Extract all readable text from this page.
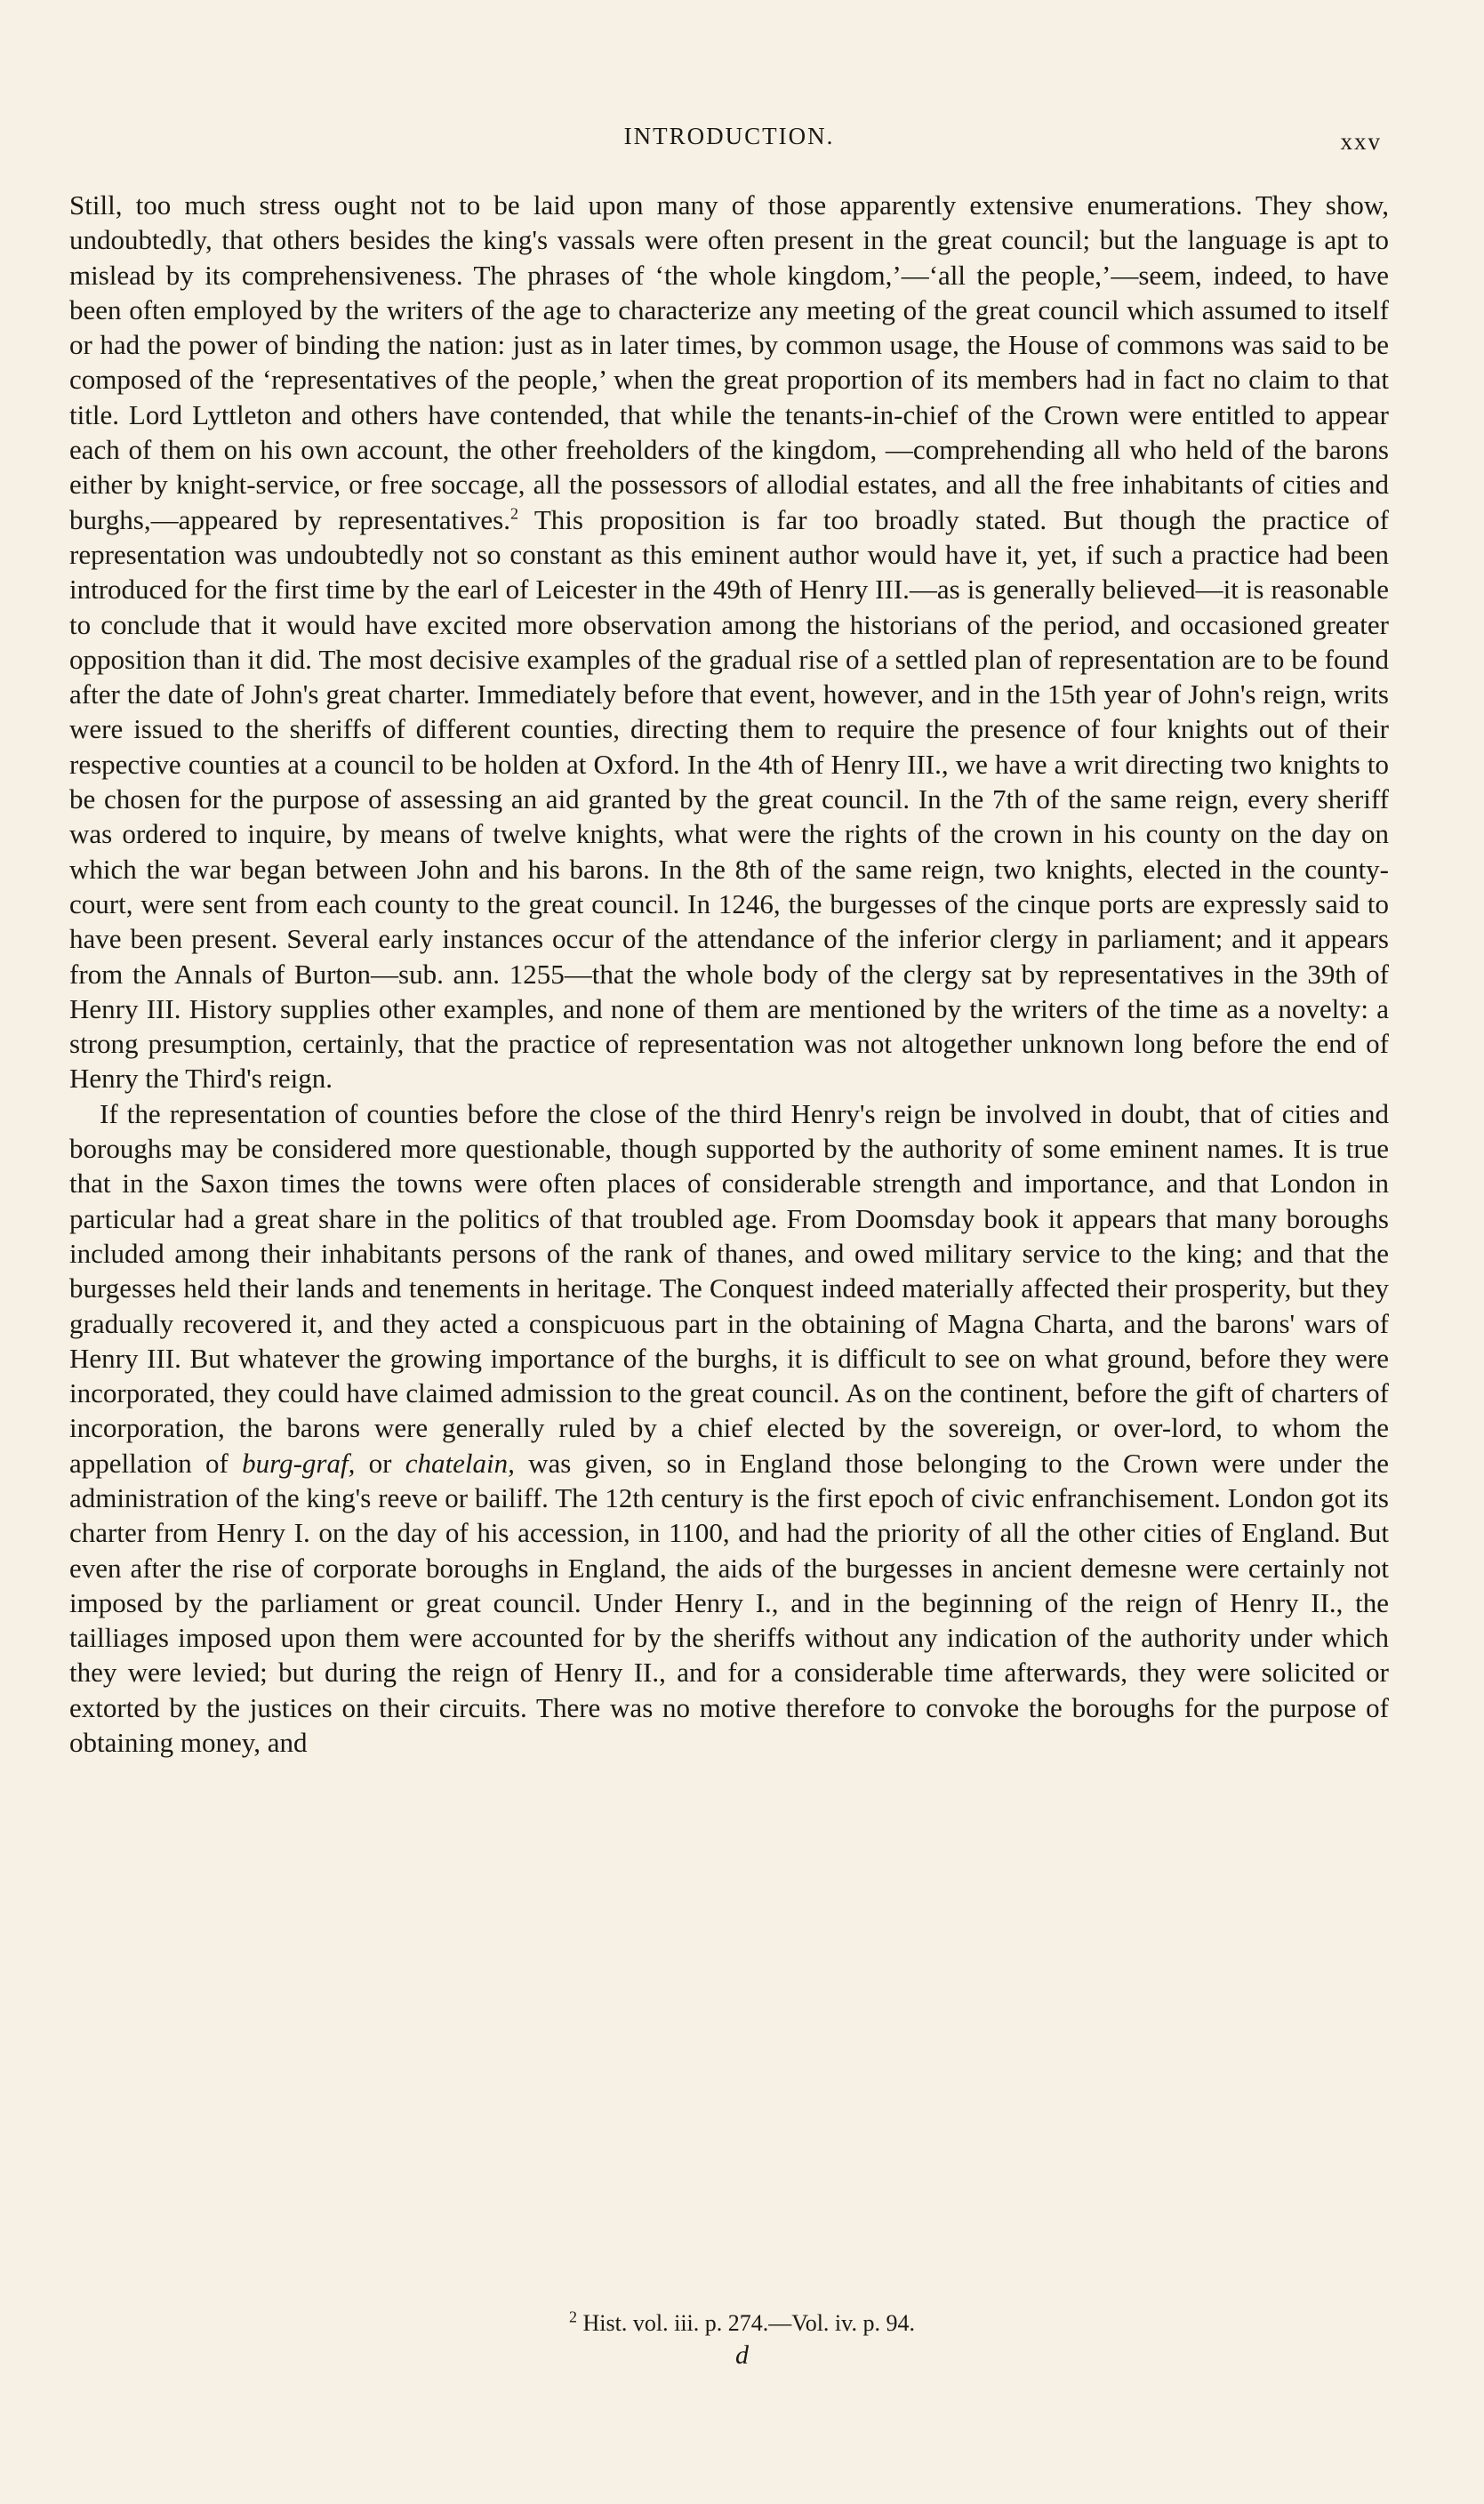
INTRODUCTION.	xxv

Still, too much stress ought not to be laid upon many of those apparently extensive enumerations. They show, undoubtedly, that others besides the king's vassals were often present in the great council; but the language is apt to mislead by its comprehensiveness. The phrases of ‘the whole kingdom,’—‘all the people,’—seem, indeed, to have been often employed by the writers of the age to characterize any meeting of the great council which assumed to itself or had the power of binding the nation: just as in later times, by common usage, the House of commons was said to be composed of the ‘representatives of the people,’ when the great proportion of its members had in fact no claim to that title. Lord Lyttleton and others have contended, that while the tenants-in-chief of the Crown were entitled to appear each of them on his own account, the other freeholders of the kingdom, —comprehending all who held of the barons either by knight-service, or free soccage, all the possessors of allodial estates, and all the free inhabitants of cities and burghs,—appeared by representatives.$^2$ This proposition is far too broadly stated. But though the practice of representation was undoubtedly not so constant as this eminent author would have it, yet, if such a practice had been introduced for the first time by the earl of Leicester in the 49th of Henry III.—as is generally believed—it is reasonable to conclude that it would have excited more observation among the historians of the period, and occasioned greater opposition than it did. The most decisive examples of the gradual rise of a settled plan of representation are to be found after the date of John's great charter. Immediately before that event, however, and in the 15th year of John's reign, writs were issued to the sheriffs of different counties, directing them to require the presence of four knights out of their respective counties at a council to be holden at Oxford. In the 4th of Henry III., we have a writ directing two knights to be chosen for the purpose of assessing an aid granted by the great council. In the 7th of the same reign, every sheriff was ordered to inquire, by means of twelve knights, what were the rights of the crown in his county on the day on which the war began between John and his barons. In the 8th of the same reign, two knights, elected in the county-court, were sent from each county to the great council. In 1246, the burgesses of the cinque ports are expressly said to have been present. Several early instances occur of the attendance of the inferior clergy in parliament; and it appears from the Annals of Burton—sub. ann. 1255—that the whole body of the clergy sat by representatives in the 39th of Henry III. History supplies other examples, and none of them are mentioned by the writers of the time as a novelty: a strong presumption, certainly, that the practice of representation was not altogether unknown long before the end of Henry the Third's reign.

If the representation of counties before the close of the third Henry's reign be involved in doubt, that of cities and boroughs may be considered more questionable, though supported by the authority of some eminent names. It is true that in the Saxon times the towns were often places of considerable strength and importance, and that London in particular had a great share in the politics of that troubled age. From Doomsday book it appears that many boroughs included among their inhabitants persons of the rank of thanes, and owed military service to the king; and that the burgesses held their lands and tenements in heritage. The Conquest indeed materially affected their prosperity, but they gradually recovered it, and they acted a conspicuous part in the obtaining of Magna Charta, and the barons' wars of Henry III. But whatever the growing importance of the burghs, it is difficult to see on what ground, before they were incorporated, they could have claimed admission to the great council. As on the continent, before the gift of charters of incorporation, the barons were generally ruled by a chief elected by the sovereign, or over-lord, to whom the appellation of burg-graf, or chatelain, was given, so in England those belonging to the Crown were under the administration of the king's reeve or bailiff. The 12th century is the first epoch of civic enfranchisement. London got its charter from Henry I. on the day of his accession, in 1100, and had the priority of all the other cities of England. But even after the rise of corporate boroughs in England, the aids of the burgesses in ancient demesne were certainly not imposed by the parliament or great council. Under Henry I., and in the beginning of the reign of Henry II., the tailliages imposed upon them were accounted for by the sheriffs without any indication of the authority under which they were levied; but during the reign of Henry II., and for a considerable time afterwards, they were solicited or extorted by the justices on their circuits. There was no motive therefore to convoke the boroughs for the purpose of obtaining money, and

$^2$ Hist. vol. iii. p. 274.—Vol. iv. p. 94.
d
